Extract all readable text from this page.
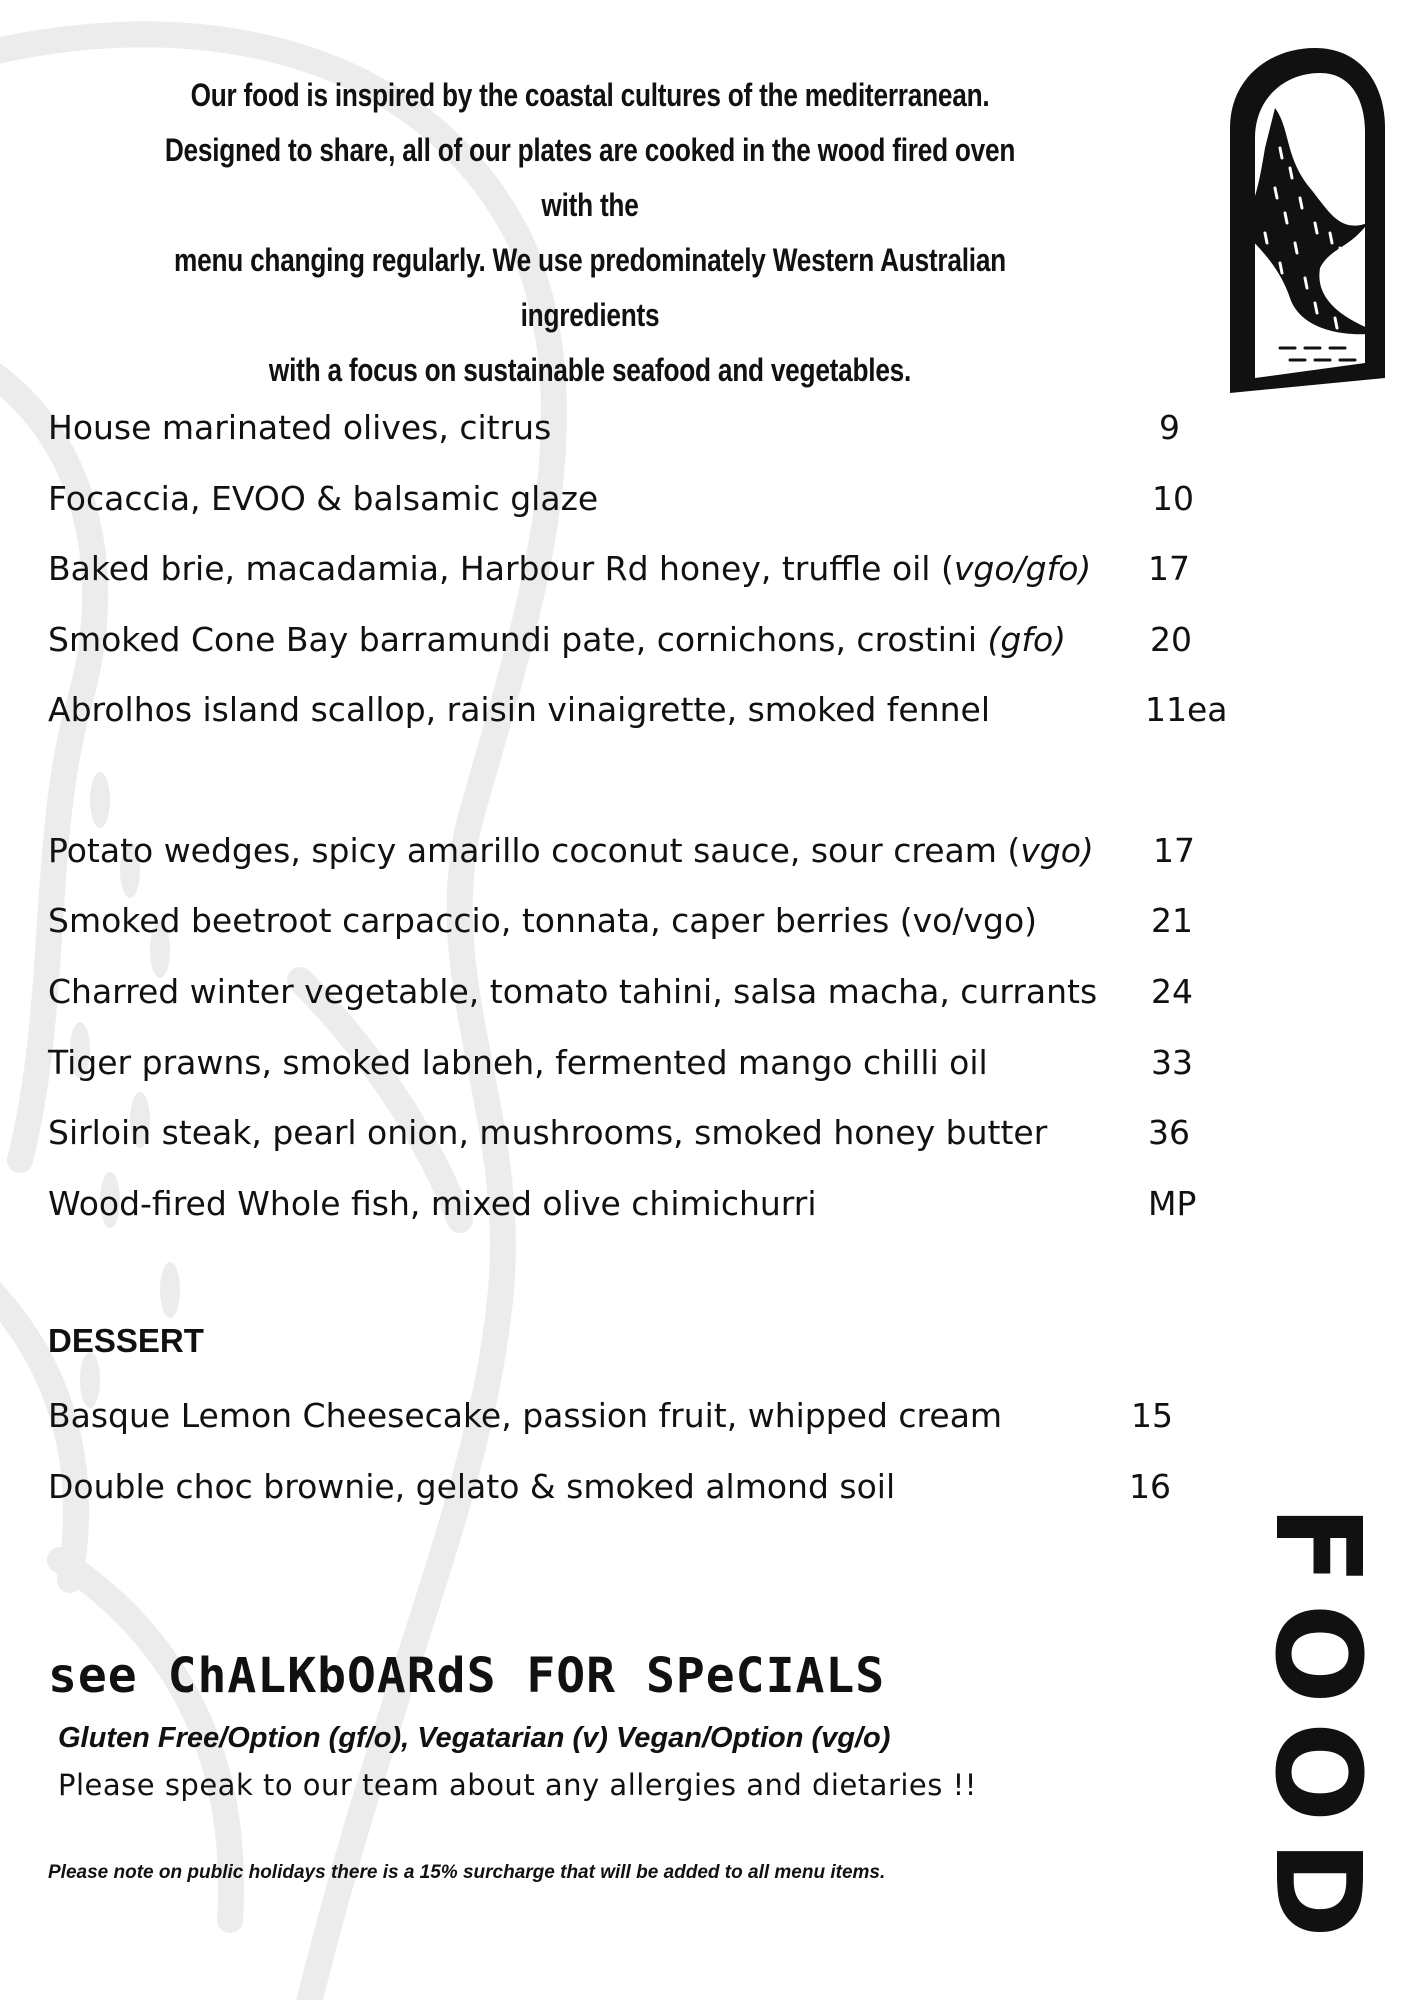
Our food is inspired by the coastal cultures of the mediterranean.

Designed to share, all of our plates are cooked in the wood fired oven with the

menu changing regularly. We use predominately Western Australian ingredients

with a focus on sustainable seafood and vegetables.

House marinated olives, citrus	9
Focaccia, EVOO & balsamic glaze	10
Baked brie, macadamia, Harbour Rd honey, truffle oil (vgo/gfo) 17
Smoked Cone Bay barramundi pate, cornichons, crostini (gfo)	20
Abrolhos island scallop, raisin vinaigrette, smoked fennel	11ea
Potato wedges, spicy amarillo coconut sauce, sour cream (vgo) 17
Smoked beetroot carpaccio, tonnata, caper berries (vo/vgo)	21
Charred winter vegetable, tomato tahini, salsa macha, currants 24
Tiger prawns, smoked labneh, fermented mango chilli oil	33
Sirloin steak, pearl onion, mushrooms, smoked honey butter	36
Wood-fired Whole fish, mixed olive chimichurri	MP
DESSERT
Basque Lemon Cheesecake, passion fruit, whipped cream	15
Double choc brownie, gelato & smoked almond soil	16
see ChALKbOARdS FOR SPeCIALS
Gluten Free/Option (gf/o), Vegatarian (v) Vegan/Option (vg/o)
Please speak to our team about any allergies and dietaries !!
Please note on public holidays there is a 15% surcharge that will be added to all menu items.	FOOD
